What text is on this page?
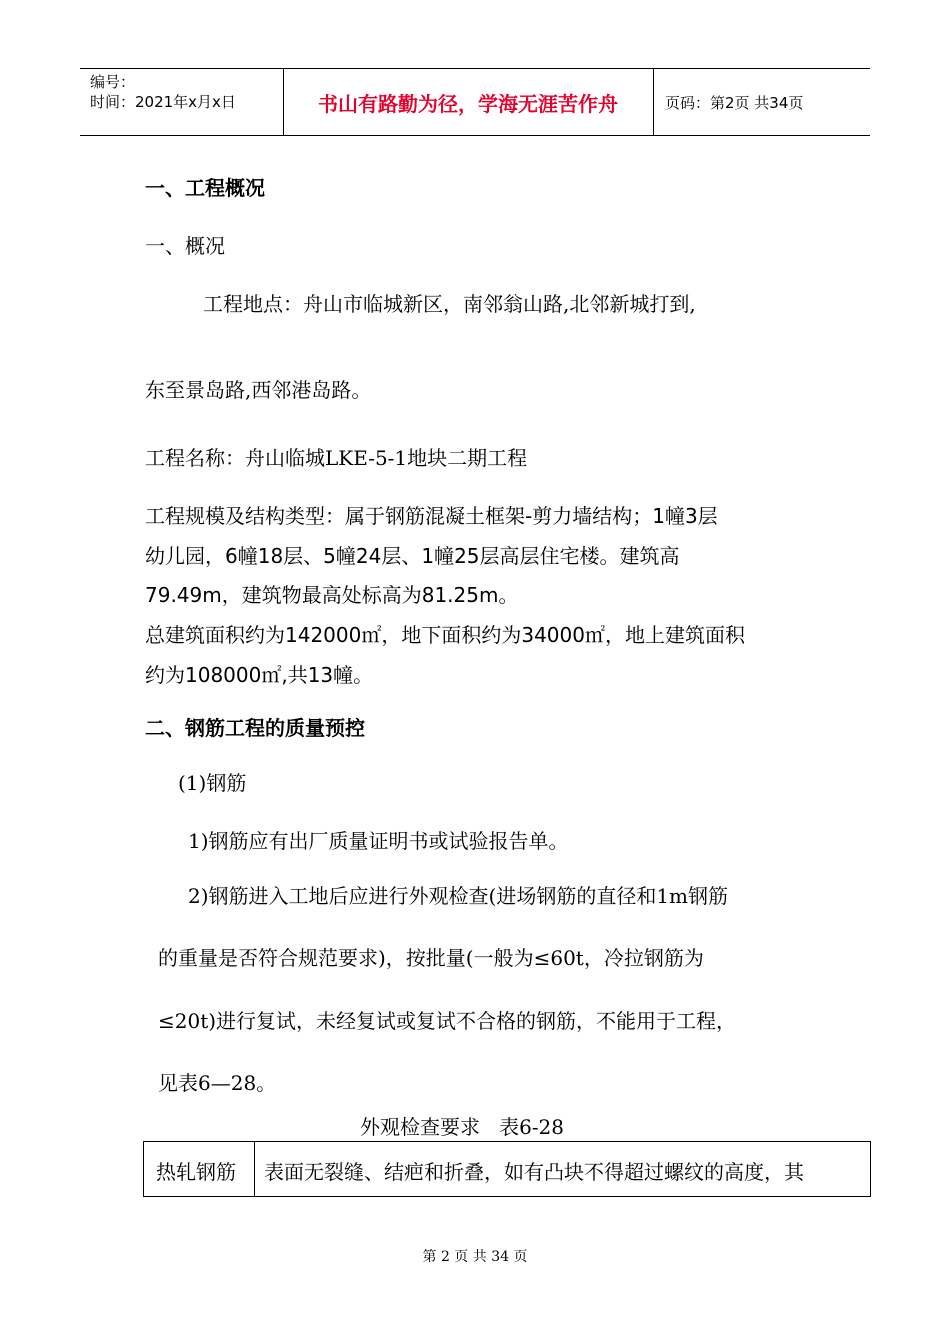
编号：
时间：2021年x月x日	书山有路勤为径，学海无涯苦作舟	页码：第2页 共34页
一、工程概况
一、概况
工程地点：舟山市临城新区，南邻翁山路,北邻新城打到,
东至景岛路,西邻港岛路。
工程名称：舟山临城LKE-5-1地块二期工程
工程规模及结构类型：属于钢筋混凝土框架-剪力墙结构；1幢3层
幼儿园，6幢18层、5幢24层、1幢25层高层住宅楼。建筑高
79.49m，建筑物最高处标高为81.25m。
总建筑面积约为142000㎡，地下面积约为34000㎡，地上建筑面积
约为108000㎡,共13幢。
二、钢筋工程的质量预控
(1)钢筋
1)钢筋应有出厂质量证明书或试验报告单。
2)钢筋进入工地后应进行外观检查(进场钢筋的直径和1m钢筋
的重量是否符合规范要求)，按批量(一般为≤60t，冷拉钢筋为
≤20t)进行复试，未经复试或复试不合格的钢筋，不能用于工程，
见表6—28。
外观检查要求   表6-28
热轧钢筋 表面无裂缝、结疤和折叠，如有凸块不得超过螺纹的高度，其
第 2 页 共 34 页
